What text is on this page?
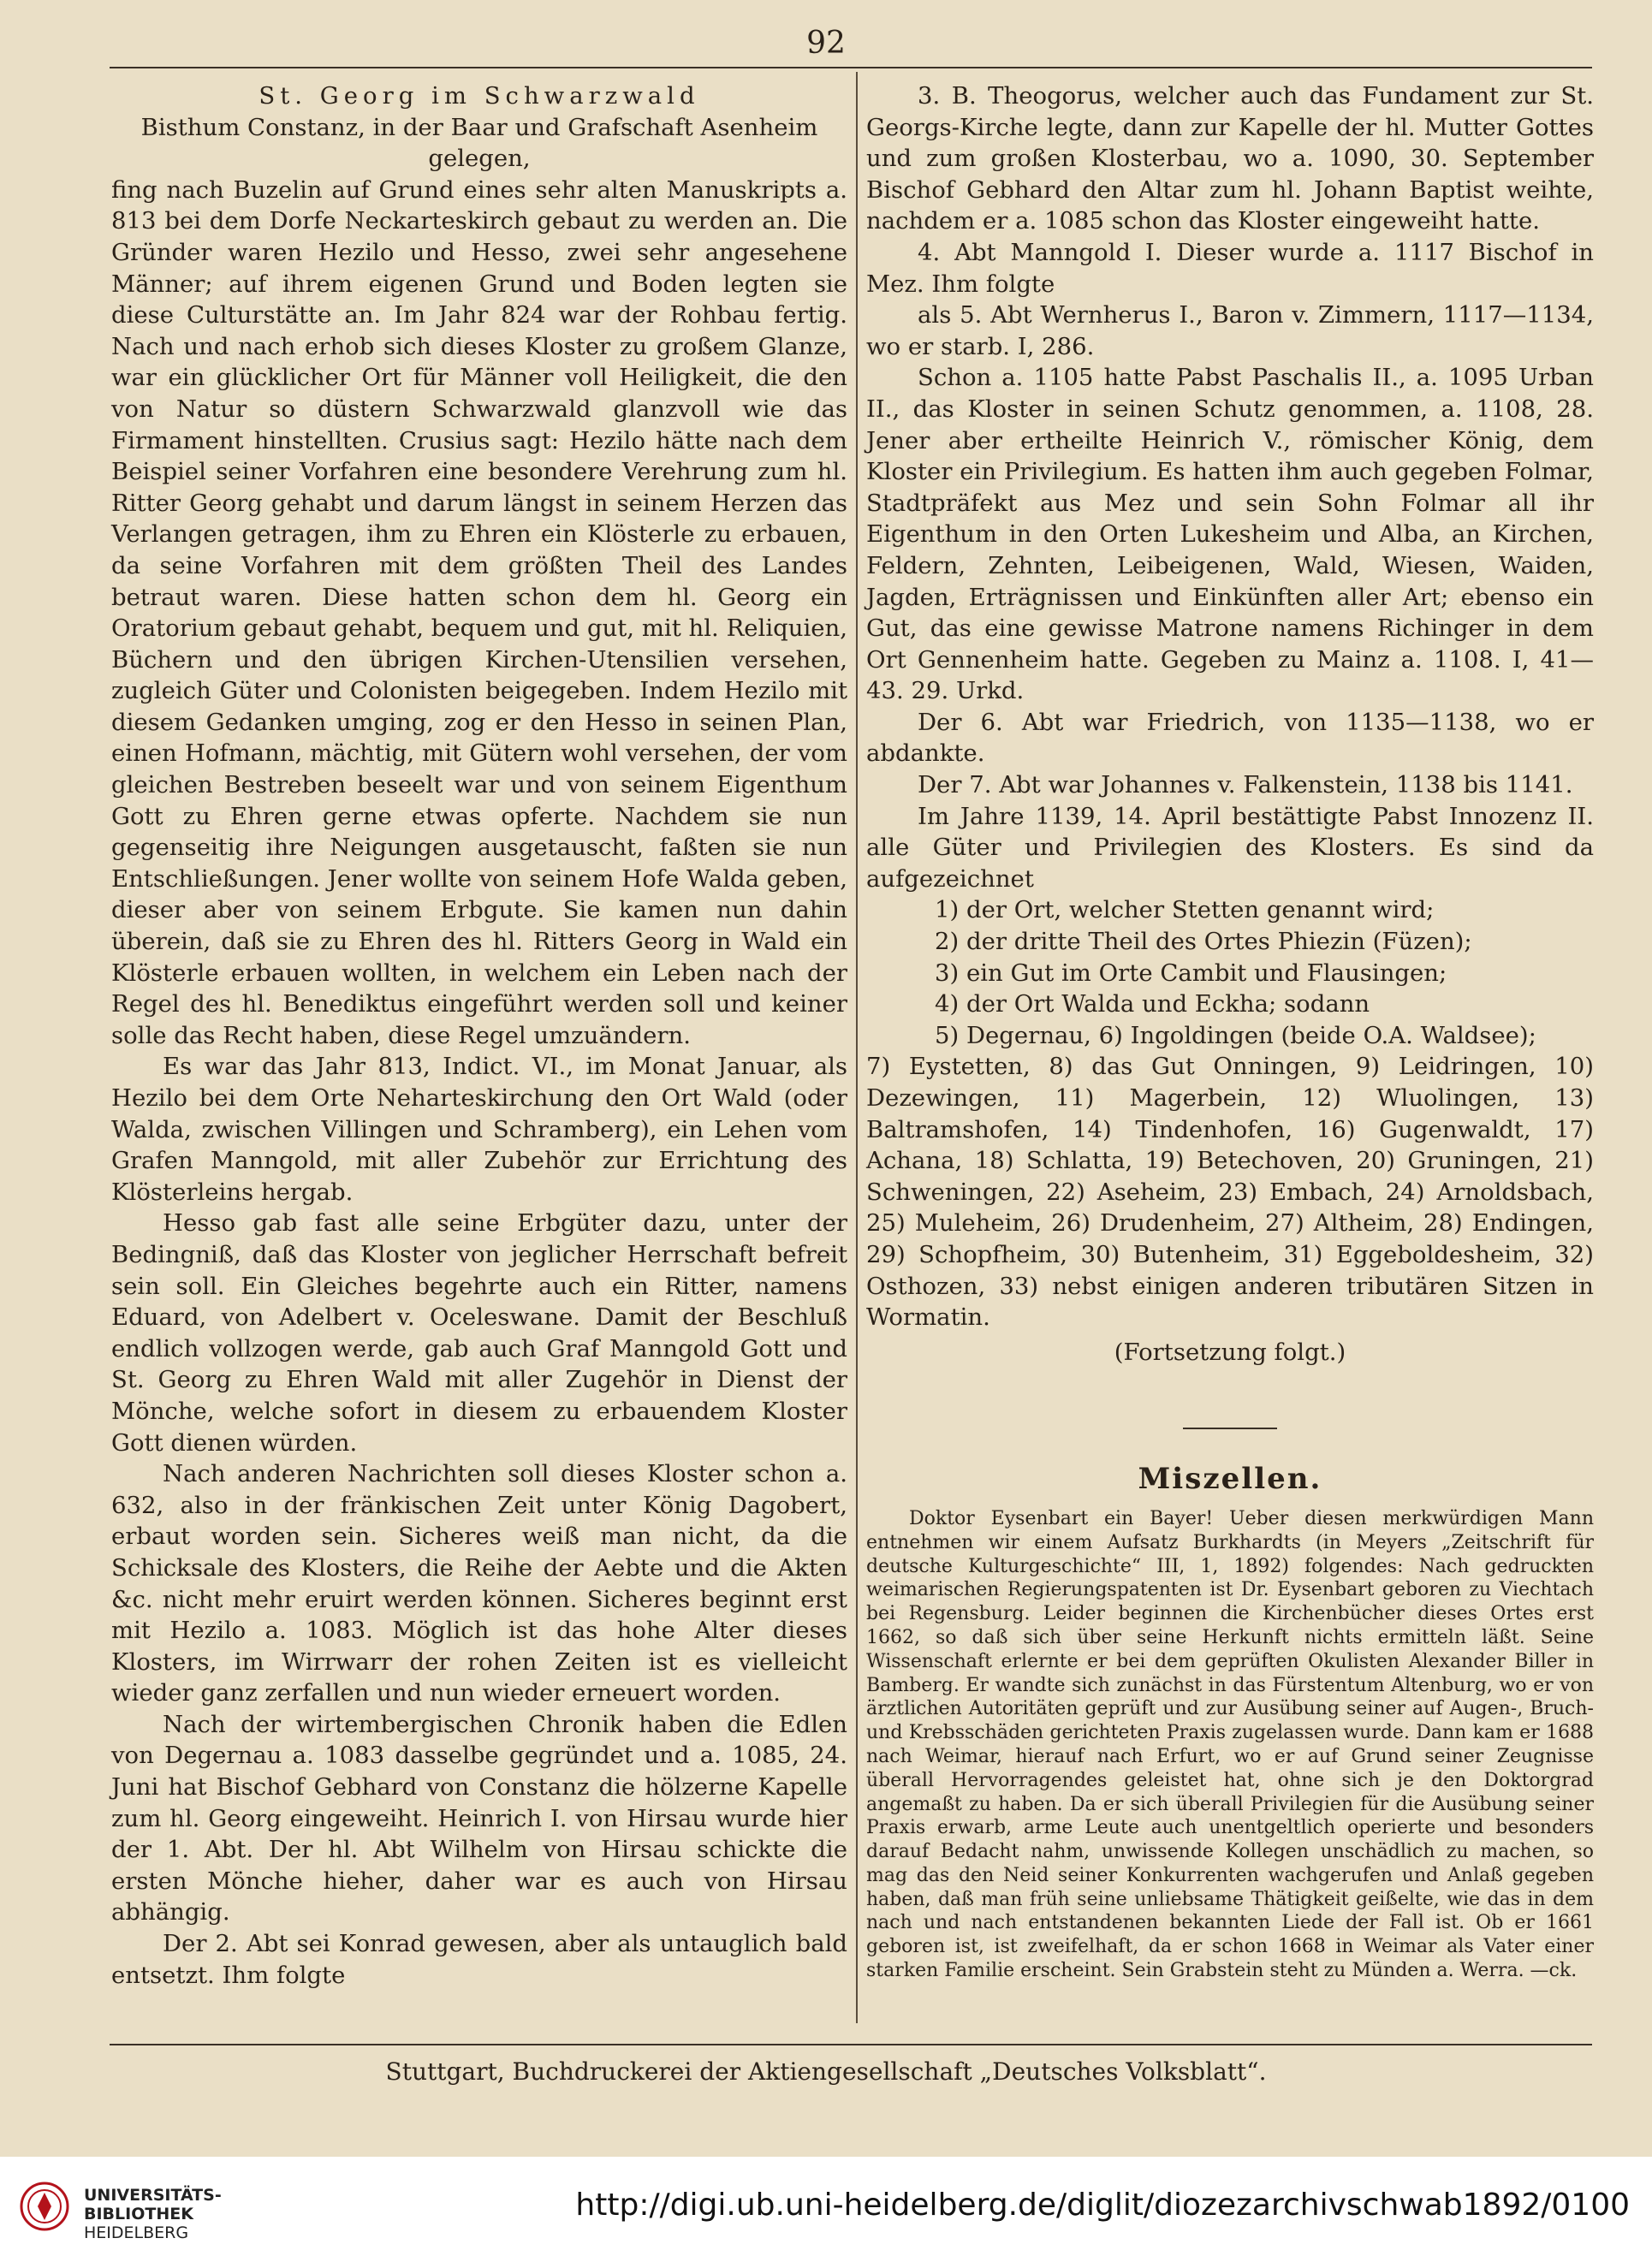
92

St. Georg im Schwarzwald

Bisthum Constanz, in der Baar und Grafschaft Asenheim

gelegen,

fing nach Buzelin auf Grund eines sehr alten Manuskripts a. 813 bei dem Dorfe Neckarteskirch gebaut zu werden an. Die Gründer waren Hezilo und Hesso, zwei sehr angesehene Männer; auf ihrem eigenen Grund und Boden legten sie diese Culturstätte an. Im Jahr 824 war der Rohbau fertig. Nach und nach erhob sich dieses Kloster zu großem Glanze, war ein glücklicher Ort für Männer voll Heiligkeit, die den von Natur so düstern Schwarzwald glanzvoll wie das Firmament hinstellten. Crusius sagt: Hezilo hätte nach dem Beispiel seiner Vorfahren eine besondere Verehrung zum hl. Ritter Georg gehabt und darum längst in seinem Herzen das Verlangen getragen, ihm zu Ehren ein Klösterle zu erbauen, da seine Vorfahren mit dem größten Theil des Landes betraut waren. Diese hatten schon dem hl. Georg ein Oratorium gebaut gehabt, bequem und gut, mit hl. Reliquien, Büchern und den übrigen Kirchen-Utensilien versehen, zugleich Güter und Colonisten beigegeben. Indem Hezilo mit diesem Gedanken umging, zog er den Hesso in seinen Plan, einen Hofmann, mächtig, mit Gütern wohl versehen, der vom gleichen Bestreben beseelt war und von seinem Eigenthum Gott zu Ehren gerne etwas opferte. Nachdem sie nun gegenseitig ihre Neigungen ausgetauscht, faßten sie nun Entschließungen. Jener wollte von seinem Hofe Walda geben, dieser aber von seinem Erbgute. Sie kamen nun dahin überein, daß sie zu Ehren des hl. Ritters Georg in Wald ein Klösterle erbauen wollten, in welchem ein Leben nach der Regel des hl. Benediktus eingeführt werden soll und keiner solle das Recht haben, diese Regel umzuändern.

Es war das Jahr 813, Indict. VI., im Monat Januar, als Hezilo bei dem Orte Neharteskirchung den Ort Wald (oder Walda, zwischen Villingen und Schramberg), ein Lehen vom Grafen Manngold, mit aller Zubehör zur Errichtung des Klösterleins hergab.

Hesso gab fast alle seine Erbgüter dazu, unter der Bedingniß, daß das Kloster von jeglicher Herrschaft befreit sein soll. Ein Gleiches begehrte auch ein Ritter, namens Eduard, von Adelbert v. Oceleswane. Damit der Beschluß endlich vollzogen werde, gab auch Graf Manngold Gott und St. Georg zu Ehren Wald mit aller Zugehör in Dienst der Mönche, welche sofort in diesem zu erbauendem Kloster Gott dienen würden.

Nach anderen Nachrichten soll dieses Kloster schon a. 632, also in der fränkischen Zeit unter König Dagobert, erbaut worden sein. Sicheres weiß man nicht, da die Schicksale des Klosters, die Reihe der Aebte und die Akten &c. nicht mehr eruirt werden können. Sicheres beginnt erst mit Hezilo a. 1083. Möglich ist das hohe Alter dieses Klosters, im Wirrwarr der rohen Zeiten ist es vielleicht wieder ganz zerfallen und nun wieder erneuert worden.

Nach der wirtembergischen Chronik haben die Edlen von Degernau a. 1083 dasselbe gegründet und a. 1085, 24. Juni hat Bischof Gebhard von Constanz die hölzerne Kapelle zum hl. Georg eingeweiht. Heinrich I. von Hirsau wurde hier der 1. Abt. Der hl. Abt Wilhelm von Hirsau schickte die ersten Mönche hieher, daher war es auch von Hirsau abhängig.

Der 2. Abt sei Konrad gewesen, aber als untauglich bald entsetzt. Ihm folgte

3. B. Theogorus, welcher auch das Fundament zur St. Georgs-Kirche legte, dann zur Kapelle der hl. Mutter Gottes und zum großen Klosterbau, wo a. 1090, 30. September Bischof Gebhard den Altar zum hl. Johann Baptist weihte, nachdem er a. 1085 schon das Kloster eingeweiht hatte.

4. Abt Manngold I. Dieser wurde a. 1117 Bischof in Mez. Ihm folgte

als 5. Abt Wernherus I., Baron v. Zimmern, 1117—1134, wo er starb. I, 286.

Schon a. 1105 hatte Pabst Paschalis II., a. 1095 Urban II., das Kloster in seinen Schutz genommen, a. 1108, 28. Jener aber ertheilte Heinrich V., römischer König, dem Kloster ein Privilegium. Es hatten ihm auch gegeben Folmar, Stadtpräfekt aus Mez und sein Sohn Folmar all ihr Eigenthum in den Orten Lukesheim und Alba, an Kirchen, Feldern, Zehnten, Leibeigenen, Wald, Wiesen, Waiden, Jagden, Erträgnissen und Einkünften aller Art; ebenso ein Gut, das eine gewisse Matrone namens Richinger in dem Ort Gennenheim hatte. Gegeben zu Mainz a. 1108. I, 41—43. 29. Urkd.

Der 6. Abt war Friedrich, von 1135—1138, wo er abdankte.

Der 7. Abt war Johannes v. Falkenstein, 1138 bis 1141.

Im Jahre 1139, 14. April bestättigte Pabst Innozenz II. alle Güter und Privilegien des Klosters. Es sind da aufgezeichnet

1) der Ort, welcher Stetten genannt wird;
2) der dritte Theil des Ortes Phiezin (Füzen);
3) ein Gut im Orte Cambit und Flausingen;
4) der Ort Walda und Eckha; sodann
5) Degernau, 6) Ingoldingen (beide O.A. Waldsee);

7) Eystetten, 8) das Gut Onningen, 9) Leidringen, 10) Dezewingen, 11) Magerbein, 12) Wluolingen, 13) Baltramshofen, 14) Tindenhofen, 16) Gugenwaldt, 17) Achana, 18) Schlatta, 19) Betechoven, 20) Gruningen, 21) Schweningen, 22) Aseheim, 23) Embach, 24) Arnoldsbach, 25) Muleheim, 26) Drudenheim, 27) Altheim, 28) Endingen, 29) Schopfheim, 30) Butenheim, 31) Eggeboldesheim, 32) Osthozen, 33) nebst einigen anderen tributären Sitzen in Wormatin.

(Fortsetzung folgt.)

Miszellen.

Doktor Eysenbart ein Bayer! Ueber diesen merkwürdigen Mann entnehmen wir einem Aufsatz Burkhardts (in Meyers „Zeitschrift für deutsche Kulturgeschichte“ III, 1, 1892) folgendes: Nach gedruckten weimarischen Regierungspatenten ist Dr. Eysenbart geboren zu Viechtach bei Regensburg. Leider beginnen die Kirchenbücher dieses Ortes erst 1662, so daß sich über seine Herkunft nichts ermitteln läßt. Seine Wissenschaft erlernte er bei dem geprüften Okulisten Alexander Biller in Bamberg. Er wandte sich zunächst in das Fürstentum Altenburg, wo er von ärztlichen Autoritäten geprüft und zur Ausübung seiner auf Augen-, Bruch- und Krebsschäden gerichteten Praxis zugelassen wurde. Dann kam er 1688 nach Weimar, hierauf nach Erfurt, wo er auf Grund seiner Zeugnisse überall Hervorragendes geleistet hat, ohne sich je den Doktorgrad angemaßt zu haben. Da er sich überall Privilegien für die Ausübung seiner Praxis erwarb, arme Leute auch unentgeltlich operierte und besonders darauf Bedacht nahm, unwissende Kollegen unschädlich zu machen, so mag das den Neid seiner Konkurrenten wachgerufen und Anlaß gegeben haben, daß man früh seine unliebsame Thätigkeit geißelte, wie das in dem nach und nach entstandenen bekannten Liede der Fall ist. Ob er 1661 geboren ist, ist zweifelhaft, da er schon 1668 in Weimar als Vater einer starken Familie erscheint. Sein Grabstein steht zu Münden a. Werra. —ck.

Stuttgart, Buchdruckerei der Aktiengesellschaft „Deutsches Volksblatt“.
UNIVERSITÄTS-
BIBLIOTHEK
HEIDELBERG
http://digi.ub.uni-heidelberg.de/diglit/diozezarchivschwab1892/0100
